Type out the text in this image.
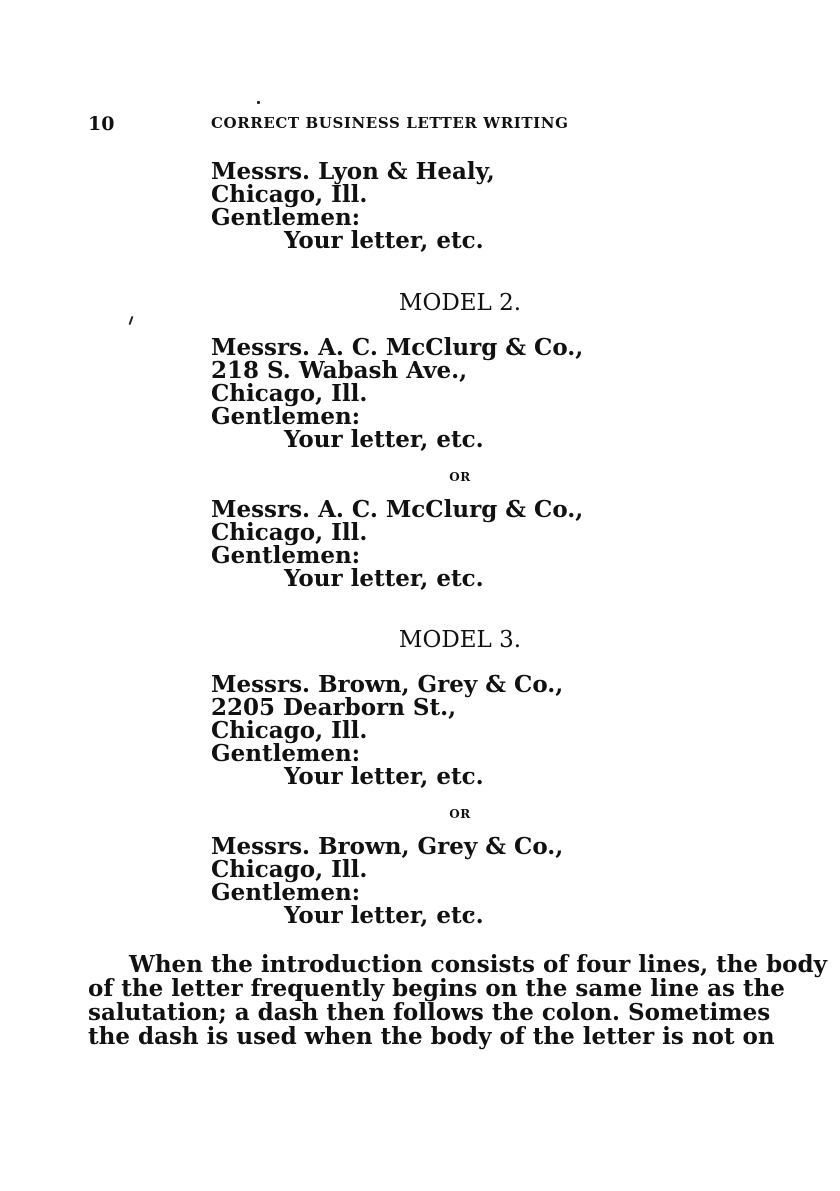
10	CORRECT BUSINESS LETTER WRITING
Messrs. Lyon & Healy,
Chicago, Ill.
Gentlemen:
Your letter, etc.
MODEL 2.
Messrs. A. C. McClurg & Co.,
218 S. Wabash Ave.,
Chicago, Ill.
Gentlemen:
Your letter, etc.
OR
Messrs. A. C. McClurg & Co.,
Chicago, Ill.
Gentlemen:
Your letter, etc.
MODEL 3.
Messrs. Brown, Grey & Co.,
2205 Dearborn St.,
Chicago, Ill.
Gentlemen:
Your letter, etc.
OR
Messrs. Brown, Grey & Co.,
Chicago, Ill.
Gentlemen:
Your letter, etc.
When the introduction consists of four lines, the body
of the letter frequently begins on the same line as the
salutation; a dash then follows the colon. Sometimes
the dash is used when the body of the letter is not on
